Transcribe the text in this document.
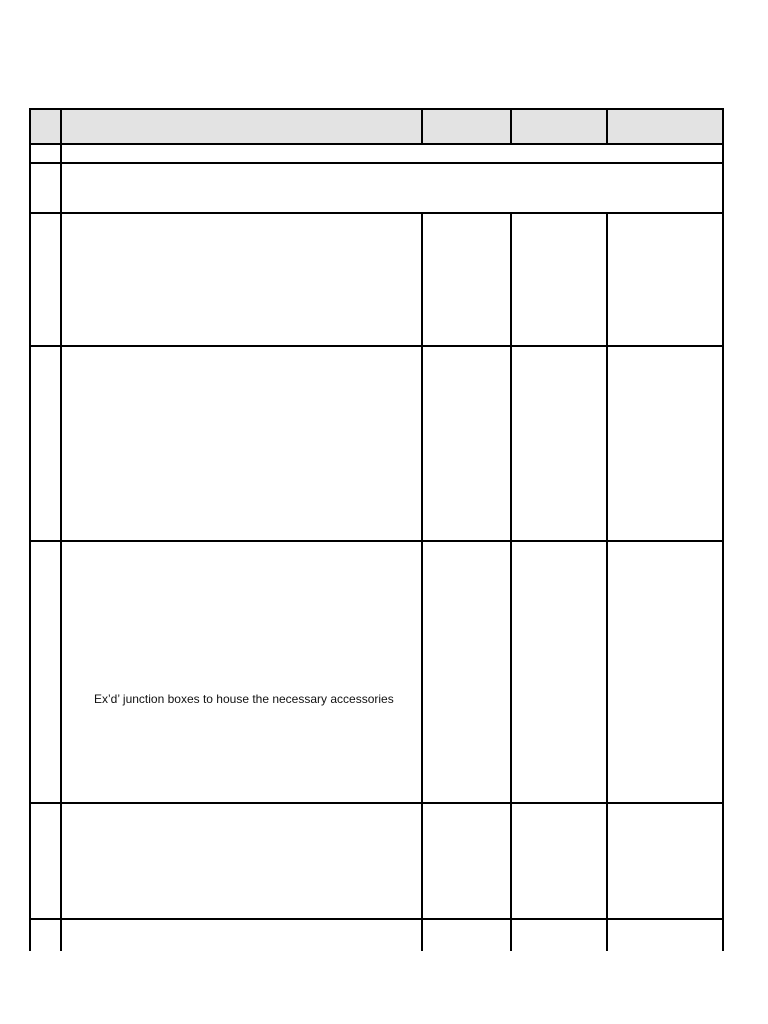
Ex’d’ junction boxes to house the necessary accessories
